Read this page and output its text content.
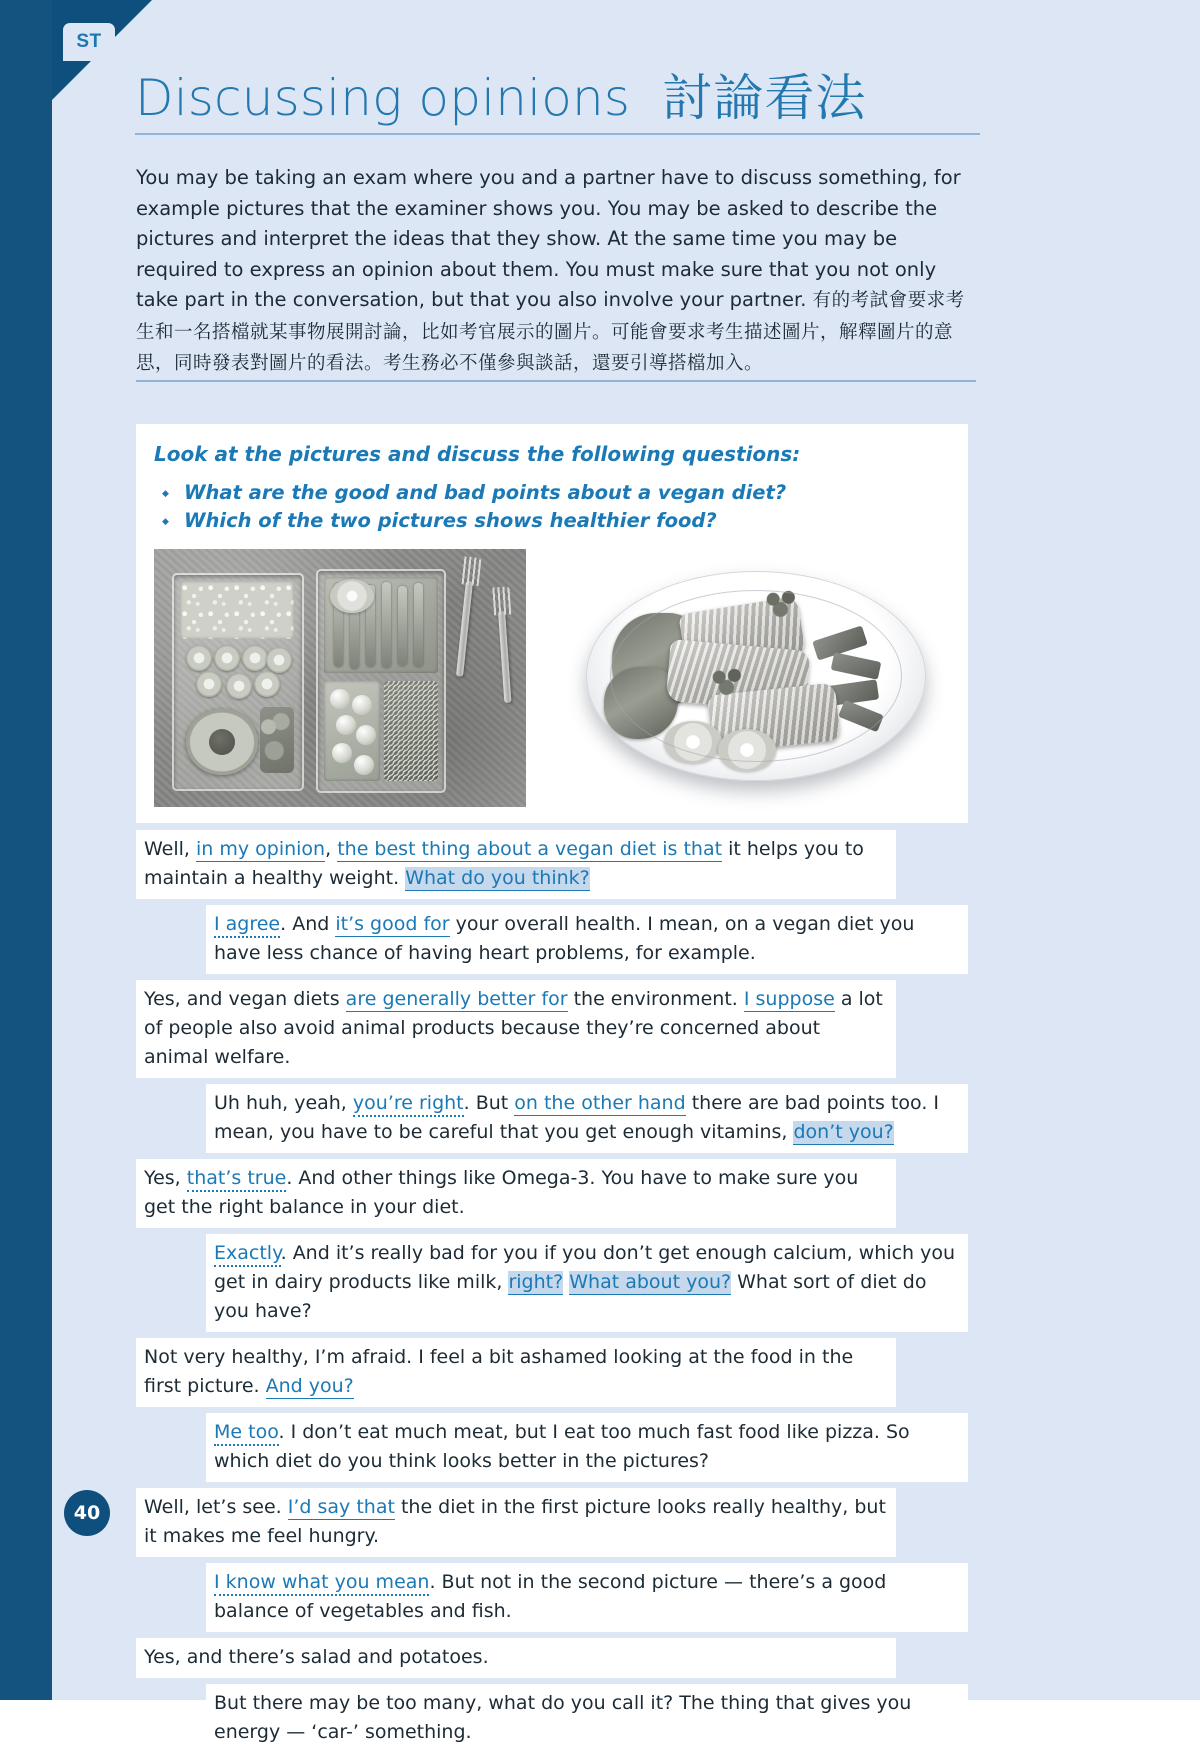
ST
Discussing opinions 討論看法
You may be taking an exam where you and a partner have to discuss something, for example pictures that the examiner shows you. You may be asked to describe the pictures and interpret the ideas that they show. At the same time you may be required to express an opinion about them. You must make sure that you not only take part in the conversation, but that you also involve your partner. 有的考試會要求考生和一名搭檔就某事物展開討論，比如考官展示的圖片。可能會要求考生描述圖片，解釋圖片的意思，同時發表對圖片的看法。考生務必不僅參與談話，還要引導搭檔加入。
Look at the pictures and discuss the following questions:
◆ What are the good and bad points about a vegan diet?
◆ Which of the two pictures shows healthier food?
Well, in my opinion, the best thing about a vegan diet is that it helps you to maintain a healthy weight. What do you think?
I agree. And it’s good for your overall health. I mean, on a vegan diet you have less chance of having heart problems, for example.
Yes, and vegan diets are generally better for the environment. I suppose a lot of people also avoid animal products because they’re concerned about animal welfare.
Uh huh, yeah, you’re right. But on the other hand there are bad points too. I mean, you have to be careful that you get enough vitamins, don’t you?
Yes, that’s true. And other things like Omega-3. You have to make sure you get the right balance in your diet.
Exactly. And it’s really bad for you if you don’t get enough calcium, which you get in dairy products like milk, right? What about you? What sort of diet do you have?
Not very healthy, I’m afraid. I feel a bit ashamed looking at the food in the first picture. And you?
Me too. I don’t eat much meat, but I eat too much fast food like pizza. So which diet do you think looks better in the pictures?
Well, let’s see. I’d say that the diet in the first picture looks really healthy, but it makes me feel hungry.
I know what you mean. But not in the second picture — there’s a good balance of vegetables and fish.
Yes, and there’s salad and potatoes.
But there may be too many, what do you call it? The thing that gives you energy — ‘car-’ something.
40
